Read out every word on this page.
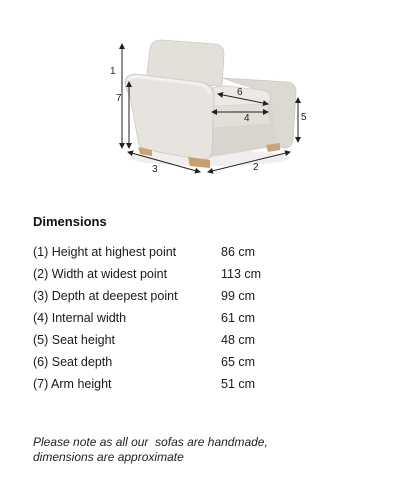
1
7
3	2
5
6
4
Dimensions
(1) Height at highest point	86 cm
(2) Width at widest point	113 cm
(3) Depth at deepest point	99 cm
(4) Internal width	61 cm
(5) Seat height	48 cm
(6) Seat depth	65 cm
(7) Arm height	51 cm
Please note as all our  sofas are handmade,
dimensions are approximate
